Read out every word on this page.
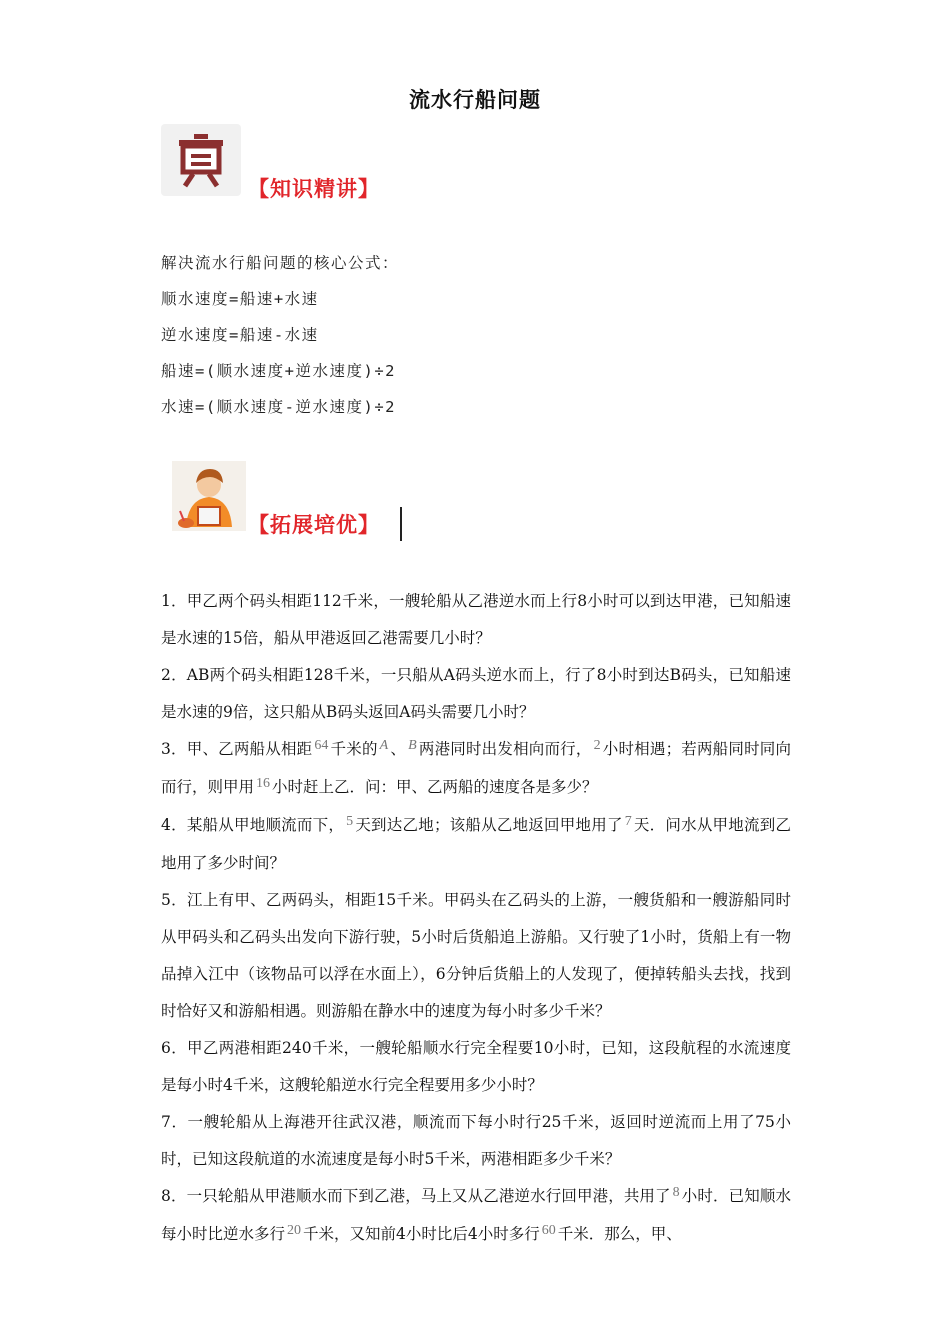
流水行船问题
【知识精讲】
解决流水行船问题的核心公式：
顺水速度=船速+水速
逆水速度=船速-水速
船速=(顺水速度+逆水速度)÷2
水速=(顺水速度-逆水速度)÷2
【拓展培优】
1．甲乙两个码头相距112千米，一艘轮船从乙港逆水而上行8小时可以到达甲港，已知船速是水速的15倍，船从甲港返回乙港需要几小时？
2．AB两个码头相距128千米，一只船从A码头逆水而上，行了8小时到达B码头，已知船速是水速的9倍，这只船从B码头返回A码头需要几小时？
3．甲、乙两船从相距 64 千米的 A 、 B 两港同时出发相向而行， 2 小时相遇；若两船同时同向而行，则甲用 16 小时赶上乙．问：甲、乙两船的速度各是多少？
4．某船从甲地顺流而下， 5 天到达乙地；该船从乙地返回甲地用了 7 天．问水从甲地流到乙地用了多少时间？
5．江上有甲、乙两码头，相距15千米。甲码头在乙码头的上游，一艘货船和一艘游船同时从甲码头和乙码头出发向下游行驶，5小时后货船追上游船。又行驶了1小时，货船上有一物品掉入江中（该物品可以浮在水面上），6分钟后货船上的人发现了，便掉转船头去找，找到时恰好又和游船相遇。则游船在静水中的速度为每小时多少千米？
6．甲乙两港相距240千米，一艘轮船顺水行完全程要10小时，已知，这段航程的水流速度是每小时4千米，这艘轮船逆水行完全程要用多少小时？
7．一艘轮船从上海港开往武汉港，顺流而下每小时行25千米，返回时逆流而上用了75小时，已知这段航道的水流速度是每小时5千米，两港相距多少千米？
8．一只轮船从甲港顺水而下到乙港，马上又从乙港逆水行回甲港，共用了 8 小时．已知顺水每小时比逆水多行 20 千米，又知前4小时比后4小时多行 60 千米．那么，甲、
